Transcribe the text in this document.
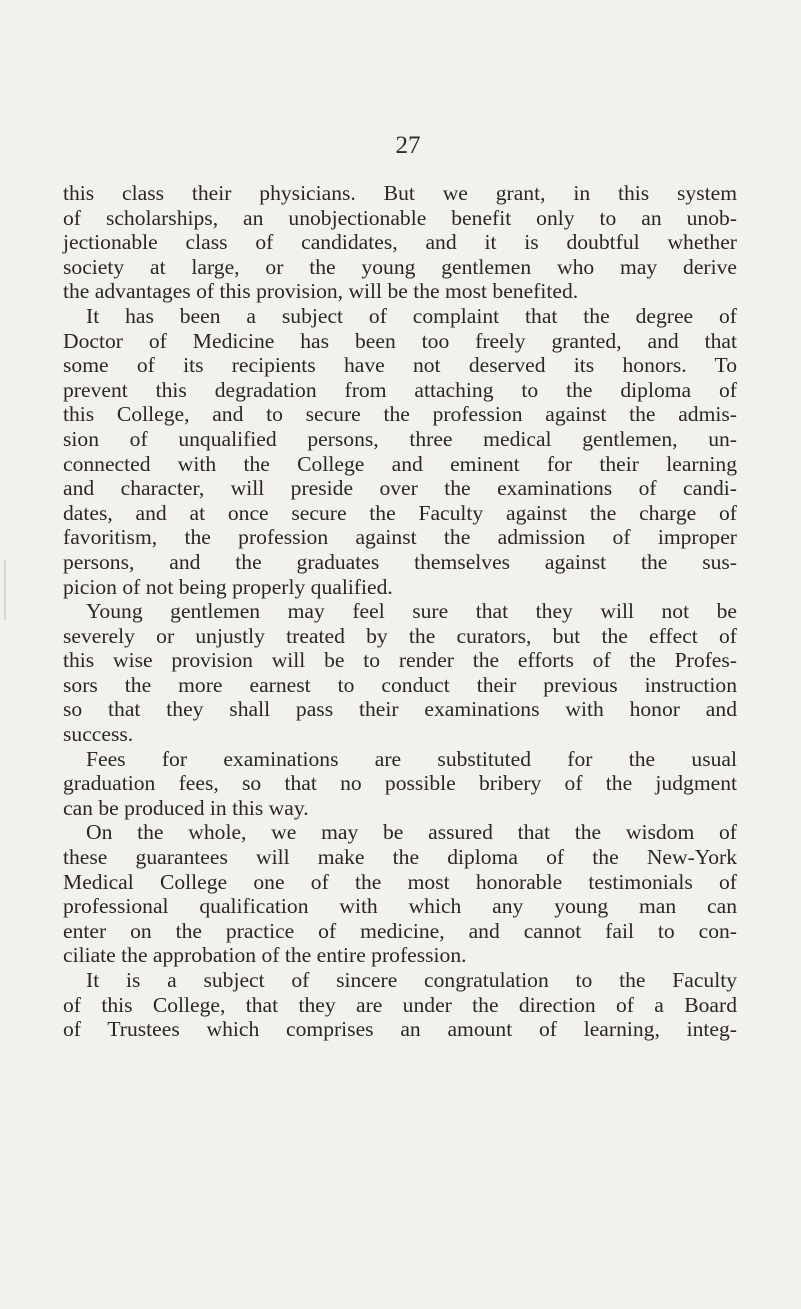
27
this class their physicians. But we grant, in this system
of scholarships, an unobjectionable benefit only to an unob-
jectionable class of candidates, and it is doubtful whether
society at large, or the young gentlemen who may derive
the advantages of this provision, will be the most benefited.
It has been a subject of complaint that the degree of
Doctor of Medicine has been too freely granted, and that
some of its recipients have not deserved its honors. To
prevent this degradation from attaching to the diploma of
this College, and to secure the profession against the admis-
sion of unqualified persons, three medical gentlemen, un-
connected with the College and eminent for their learning
and character, will preside over the examinations of candi-
dates, and at once secure the Faculty against the charge of
favoritism, the profession against the admission of improper
persons, and the graduates themselves against the sus-
picion of not being properly qualified.
Young gentlemen may feel sure that they will not be
severely or unjustly treated by the curators, but the effect of
this wise provision will be to render the efforts of the Profes-
sors the more earnest to conduct their previous instruction
so that they shall pass their examinations with honor and
success.
Fees for examinations are substituted for the usual
graduation fees, so that no possible bribery of the judgment
can be produced in this way.
On the whole, we may be assured that the wisdom of
these guarantees will make the diploma of the New-York
Medical College one of the most honorable testimonials of
professional qualification with which any young man can
enter on the practice of medicine, and cannot fail to con-
ciliate the approbation of the entire profession.
It is a subject of sincere congratulation to the Faculty
of this College, that they are under the direction of a Board
of Trustees which comprises an amount of learning, integ-
